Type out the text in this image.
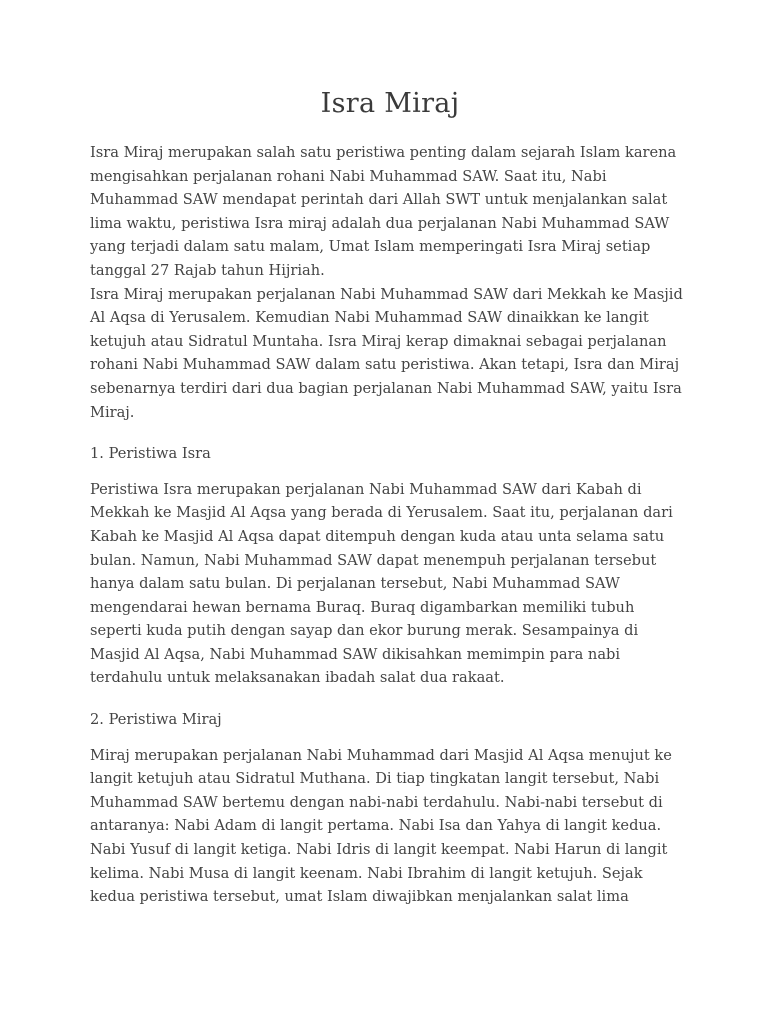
Isra Miraj

Isra Miraj merupakan salah satu peristiwa penting dalam sejarah Islam karena mengisahkan perjalanan rohani Nabi Muhammad SAW. Saat itu, Nabi Muhammad SAW mendapat perintah dari Allah SWT untuk menjalankan salat lima waktu, peristiwa Isra miraj adalah dua perjalanan Nabi Muhammad SAW yang terjadi dalam satu malam, Umat Islam memperingati Isra Miraj setiap tanggal 27 Rajab tahun Hijriah.

Isra Miraj merupakan perjalanan Nabi Muhammad SAW dari Mekkah ke Masjid Al Aqsa di Yerusalem. Kemudian Nabi Muhammad SAW dinaikkan ke langit ketujuh atau Sidratul Muntaha. Isra Miraj kerap dimaknai sebagai perjalanan rohani Nabi Muhammad SAW dalam satu peristiwa. Akan tetapi, Isra dan Miraj sebenarnya terdiri dari dua bagian perjalanan Nabi Muhammad SAW, yaitu Isra Miraj.

1. Peristiwa Isra

Peristiwa Isra merupakan perjalanan Nabi Muhammad SAW dari Kabah di Mekkah ke Masjid Al Aqsa yang berada di Yerusalem. Saat itu, perjalanan dari Kabah ke Masjid Al Aqsa dapat ditempuh dengan kuda atau unta selama satu bulan. Namun, Nabi Muhammad SAW dapat menempuh perjalanan tersebut hanya dalam satu bulan. Di perjalanan tersebut, Nabi Muhammad SAW mengendarai hewan bernama Buraq. Buraq digambarkan memiliki tubuh seperti kuda putih dengan sayap dan ekor burung merak. Sesampainya di Masjid Al Aqsa, Nabi Muhammad SAW dikisahkan memimpin para nabi terdahulu untuk melaksanakan ibadah salat dua rakaat.

2. Peristiwa Miraj

Miraj merupakan perjalanan Nabi Muhammad dari Masjid Al Aqsa menujut ke langit ketujuh atau Sidratul Muthana. Di tiap tingkatan langit tersebut, Nabi Muhammad SAW bertemu dengan nabi-nabi terdahulu. Nabi-nabi tersebut di antaranya: Nabi Adam di langit pertama. Nabi Isa dan Yahya di langit kedua. Nabi Yusuf di langit ketiga. Nabi Idris di langit keempat. Nabi Harun di langit kelima. Nabi Musa di langit keenam. Nabi Ibrahim di langit ketujuh. Sejak kedua peristiwa tersebut, umat Islam diwajibkan menjalankan salat lima
